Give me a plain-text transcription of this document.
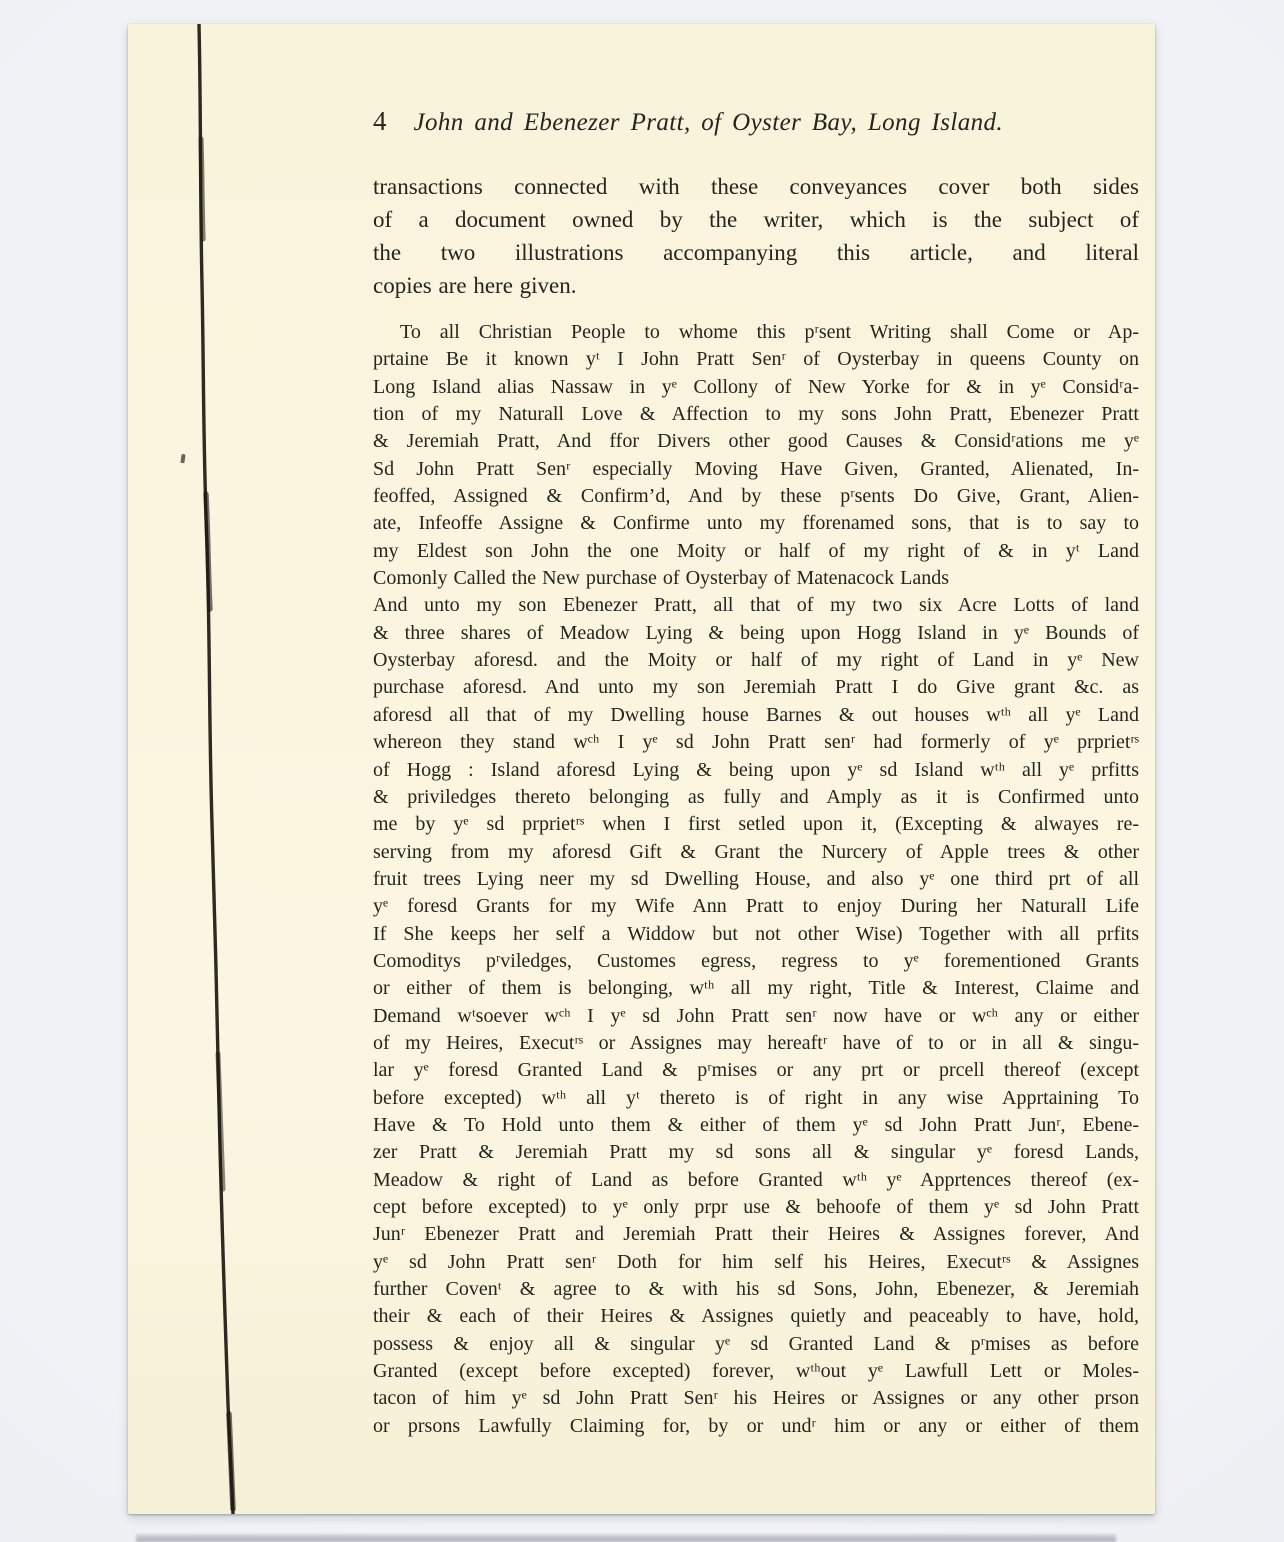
4 John and Ebenezer Pratt, of Oyster Bay, Long Island.
transactions connected with these conveyances cover both sides
of a document owned by the writer, which is the subject of
the two illustrations accompanying this article, and literal
copies are here given.
To all Christian People to whome this pʳsent Writing shall Come or Ap-
prtaine Be it known yᵗ I John Pratt Senʳ of Oysterbay in queens County on
Long Island alias Nassaw in yᵉ Collony of New Yorke for & in yᵉ Considʳa-
tion of my Naturall Love & Affection to my sons John Pratt, Ebenezer Pratt
& Jeremiah Pratt, And ffor Divers other good Causes & Considʳations me yᵉ
Sd John Pratt Senʳ especially Moving Have Given, Granted, Alienated, In-
feoffed, Assigned & Confirm’d, And by these pʳsents Do Give, Grant, Alien-
ate, Infeoffe Assigne & Confirme unto my fforenamed sons, that is to say to
my Eldest son John the one Moity or half of my right of & in yᵗ Land
Comonly Called the New purchase of Oysterbay of Matenacock Lands
And unto my son Ebenezer Pratt, all that of my two six Acre Lotts of land
& three shares of Meadow Lying & being upon Hogg Island in yᵉ Bounds of
Oysterbay aforesd. and the Moity or half of my right of Land in yᵉ New
purchase aforesd. And unto my son Jeremiah Pratt I do Give grant &c. as
aforesd all that of my Dwelling house Barnes & out houses wᵗʰ all yᵉ Land
whereon they stand wᶜʰ I yᵉ sd John Pratt senʳ had formerly of yᵉ prprietʳˢ
of Hogg : Island aforesd Lying & being upon yᵉ sd Island wᵗʰ all yᵉ prfitts
& priviledges thereto belonging as fully and Amply as it is Confirmed unto
me by yᵉ sd prprietʳˢ when I first setled upon it, (Excepting & alwayes re-
serving from my aforesd Gift & Grant the Nurcery of Apple trees & other
fruit trees Lying neer my sd Dwelling House, and also yᵉ one third prt of all
yᵉ foresd Grants for my Wife Ann Pratt to enjoy During her Naturall Life
If She keeps her self a Widdow but not other Wise) Together with all prfits
Comoditys pʳviledges, Customes egress, regress to yᵉ forementioned Grants
or either of them is belonging, wᵗʰ all my right, Title & Interest, Claime and
Demand wᵗsoever wᶜʰ I yᵉ sd John Pratt senʳ now have or wᶜʰ any or either
of my Heires, Executʳˢ or Assignes may hereaftʳ have of to or in all & singu-
lar yᵉ foresd Granted Land & pʳmises or any prt or prcell thereof (except
before excepted) wᵗʰ all yᵗ thereto is of right in any wise Apprtaining To
Have & To Hold unto them & either of them yᵉ sd John Pratt Junʳ, Ebene-
zer Pratt & Jeremiah Pratt my sd sons all & singular yᵉ foresd Lands,
Meadow & right of Land as before Granted wᵗʰ yᵉ Apprtences thereof (ex-
cept before excepted) to yᵉ only prpr use & behoofe of them yᵉ sd John Pratt
Junʳ Ebenezer Pratt and Jeremiah Pratt their Heires & Assignes forever, And
yᵉ sd John Pratt senʳ Doth for him self his Heires, Executʳˢ & Assignes
further Covenᵗ & agree to & with his sd Sons, John, Ebenezer, & Jeremiah
their & each of their Heires & Assignes quietly and peaceably to have, hold,
possess & enjoy all & singular yᵉ sd Granted Land & pʳmises as before
Granted (except before excepted) forever, wᵗʰout yᵉ Lawfull Lett or Moles-
tacon of him yᵉ sd John Pratt Senʳ his Heires or Assignes or any other prson
or prsons Lawfully Claiming for, by or undʳ him or any or either of them
